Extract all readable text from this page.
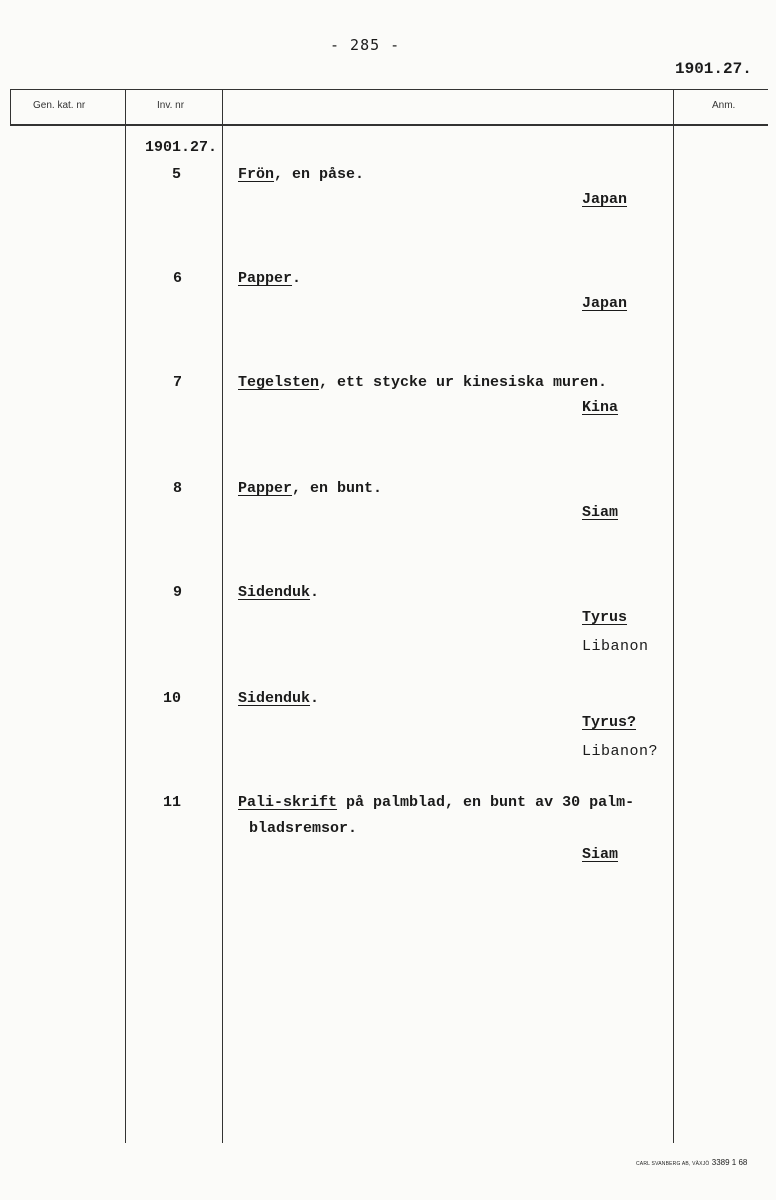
- 285 -
1901.27.
Gen. kat. nr	Inv. nr	Anm.
1901.27.
5	Frön, en påse.
Japan
6	Papper.
Japan
7	Tegelsten, ett stycke ur kinesiska muren.
Kina
8	Papper, en bunt.
Siam
9	Sidenduk.
Tyrus
Libanon
10	Sidenduk.
Tyrus?
Libanon?
11	Pali-skrift på palmblad, en bunt av 30 palm-
bladsremsor.
Siam
CARL SVANBERG AB, VÄXJÖ 3389 1 68
